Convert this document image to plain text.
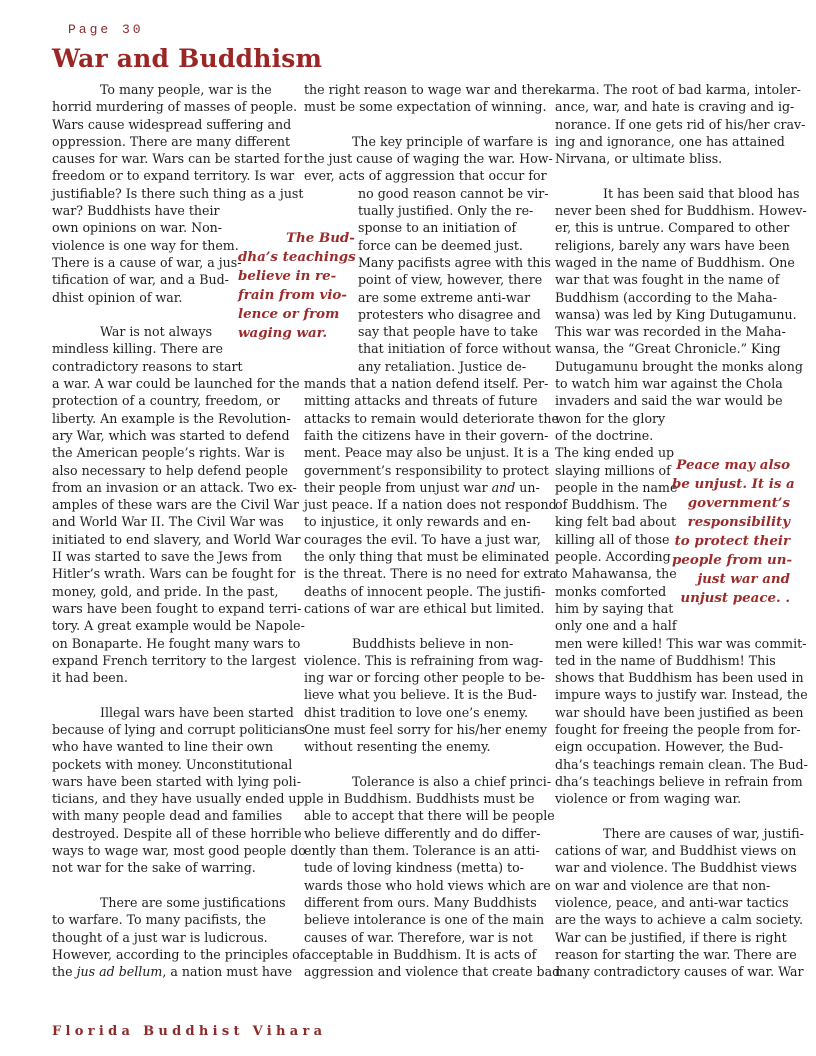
Page 30
War and Buddhism

To many people, war is the

horrid murdering of masses of people.

Wars cause widespread suffering and

oppression. There are many different

causes for war. Wars can be started for

freedom or to expand territory. Is war

justifiable? Is there such thing as a just

war? Buddhists have their

own opinions on war. Non-

violence is one way for them.

There is a cause of war, a jus-

tification of war, and a Bud-

dhist opinion of war.

War is not always

mindless killing. There are

contradictory reasons to start

a war. A war could be launched for the

protection of a country, freedom, or

liberty. An example is the Revolution-

ary War, which was started to defend

the American people’s rights. War is

also necessary to help defend people

from an invasion or an attack. Two ex-

amples of these wars are the Civil War

and World War II. The Civil War was

initiated to end slavery, and World War

II was started to save the Jews from

Hitler’s wrath. Wars can be fought for

money, gold, and pride. In the past,

wars have been fought to expand terri-

tory. A great example would be Napole-

on Bonaparte. He fought many wars to

expand French territory to the largest

it had been.

Illegal wars have been started

because of lying and corrupt politicians

who have wanted to line their own

pockets with money. Unconstitutional

wars have been started with lying poli-

ticians, and they have usually ended up

with many people dead and families

destroyed. Despite all of these horrible

ways to wage war, most good people do

not war for the sake of warring.

There are some justifications

to warfare. To many pacifists, the

thought of a just war is ludicrous.

However, according to the principles of

the jus ad bellum, a nation must have

The Bud-

dha’s teachings

believe in re-

frain from vio-

lence or from

waging war.

the right reason to wage war and there

must be some expectation of winning.

The key principle of warfare is

the just cause of waging the war. How-

ever, acts of aggression that occur for

no good reason cannot be vir-

tually justified. Only the re-

sponse to an initiation of

force can be deemed just.

Many pacifists agree with this

point of view, however, there

are some extreme anti-war

protesters who disagree and

say that people have to take

that initiation of force without

any retaliation. Justice de-

mands that a nation defend itself. Per-

mitting attacks and threats of future

attacks to remain would deteriorate the

faith the citizens have in their govern-

ment. Peace may also be unjust. It is a

government’s responsibility to protect

their people from unjust war and un-

just peace. If a nation does not respond

to injustice, it only rewards and en-

courages the evil. To have a just war,

the only thing that must be eliminated

is the threat. There is no need for extra

deaths of innocent people. The justifi-

cations of war are ethical but limited.

Buddhists believe in non-

violence. This is refraining from wag-

ing war or forcing other people to be-

lieve what you believe. It is the Bud-

dhist tradition to love one’s enemy.

One must feel sorry for his/her enemy

without resenting the enemy.

Tolerance is also a chief princi-

ple in Buddhism. Buddhists must be

able to accept that there will be people

who believe differently and do differ-

ently than them. Tolerance is an atti-

tude of loving kindness (metta) to-

wards those who hold views which are

different from ours. Many Buddhists

believe intolerance is one of the main

causes of war. Therefore, war is not

acceptable in Buddhism. It is acts of

aggression and violence that create bad

karma. The root of bad karma, intoler-

ance, war, and hate is craving and ig-

norance. If one gets rid of his/her crav-

ing and ignorance, one has attained

Nirvana, or ultimate bliss.

It has been said that blood has

never been shed for Buddhism. Howev-

er, this is untrue. Compared to other

religions, barely any wars have been

waged in the name of Buddhism. One

war that was fought in the name of

Buddhism (according to the Maha-

wansa) was led by King Dutugamunu.

This war was recorded in the Maha-

wansa, the “Great Chronicle.” King

Dutugamunu brought the monks along

to watch him war against the Chola

invaders and said the war would be

won for the glory

of the doctrine.

The king ended up

slaying millions of

people in the name

of Buddhism. The

king felt bad about

killing all of those

people. According

to Mahawansa, the

monks comforted

him by saying that

only one and a half

men were killed! This war was commit-

ted in the name of Buddhism! This

shows that Buddhism has been used in

impure ways to justify war. Instead, the

war should have been justified as been

fought for freeing the people from for-

eign occupation. However, the Bud-

dha’s teachings remain clean. The Bud-

dha’s teachings believe in refrain from

violence or from waging war.

There are causes of war, justifi-

cations of war, and Buddhist views on

war and violence. The Buddhist views

on war and violence are that non-

violence, peace, and anti-war tactics

are the ways to achieve a calm society.

War can be justified, if there is right

reason for starting the war. There are

many contradictory causes of war. War

Peace may also

be unjust. It is a

government’s

responsibility

to protect their

people from un-

just war and

unjust peace. .

Florida Buddhist Vihara
